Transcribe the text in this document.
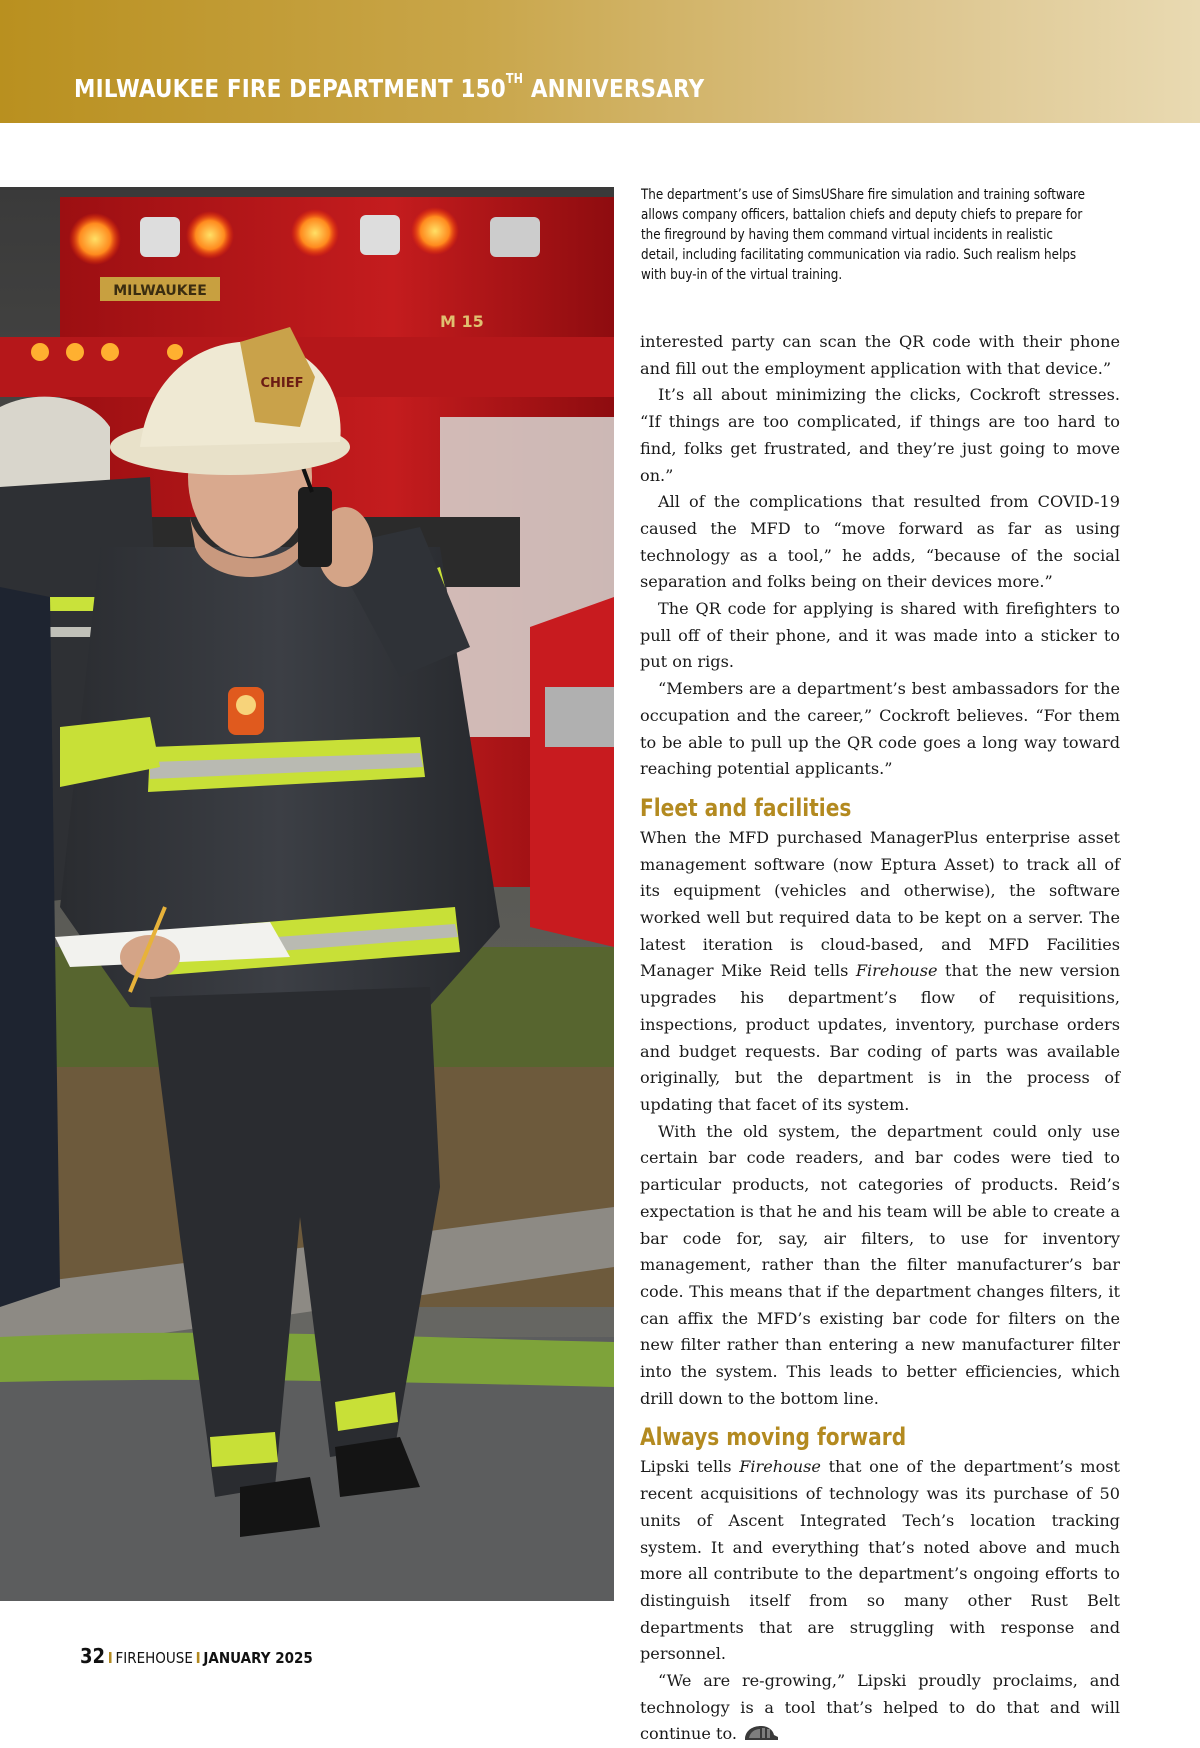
MILWAUKEE FIRE DEPARTMENT 150TH ANNIVERSARY
MILWAUKEE
M 15
CHIEF

The department’s use of SimsUShare fire simulation and training software allows company officers, battalion chiefs and deputy chiefs to prepare for the fireground by having them command virtual incidents in realistic detail, including facilitating communication via radio. Such realism helps with buy-in of the virtual training.

interested party can scan the QR code with their phone and fill out the employment application with that device.”

It’s all about minimizing the clicks, Cockroft stresses. “If things are too complicated, if things are too hard to find, folks get frustrated, and they’re just going to move on.”

All of the complications that resulted from COVID-19 caused the MFD to “move forward as far as using technology as a tool,” he adds, “because of the social separation and folks being on their devices more.”

The QR code for applying is shared with firefighters to pull off of their phone, and it was made into a sticker to put on rigs.

“Members are a department’s best ambassadors for the occupation and the career,” Cockroft believes. “For them to be able to pull up the QR code goes a long way toward reaching potential applicants.”

Fleet and facilities

When the MFD purchased ManagerPlus enterprise asset management software (now Eptura Asset) to track all of its equipment (vehicles and otherwise), the software worked well but required data to be kept on a server. The latest iteration is cloud-based, and MFD Facilities Manager Mike Reid tells Firehouse that the new version upgrades his department’s flow of requisitions, inspections, product updates, inventory, purchase orders and budget requests. Bar coding of parts was available originally, but the department is in the process of updating that facet of its system.

With the old system, the department could only use certain bar code readers, and bar codes were tied to particular products, not categories of products. Reid’s expectation is that he and his team will be able to create a bar code for, say, air filters, to use for inventory management, rather than the filter manufacturer’s bar code. This means that if the department changes filters, it can affix the MFD’s existing bar code for filters on the new filter rather than entering a new manufacturer filter into the system. This leads to better efficiencies, which drill down to the bottom line.

Always moving forward

Lipski tells Firehouse that one of the department’s most recent acquisitions of technology was its purchase of 50 units of Ascent Integrated Tech’s location tracking system. It and everything that’s noted above and much more all contribute to the department’s ongoing efforts to distinguish itself from so many other Rust Belt departments that are struggling with response and personnel.

“We are re-growing,” Lipski proudly proclaims, and technology is a tool that’s helped to do that and will continue to.

32 I FIREHOUSE I JANUARY 2025
